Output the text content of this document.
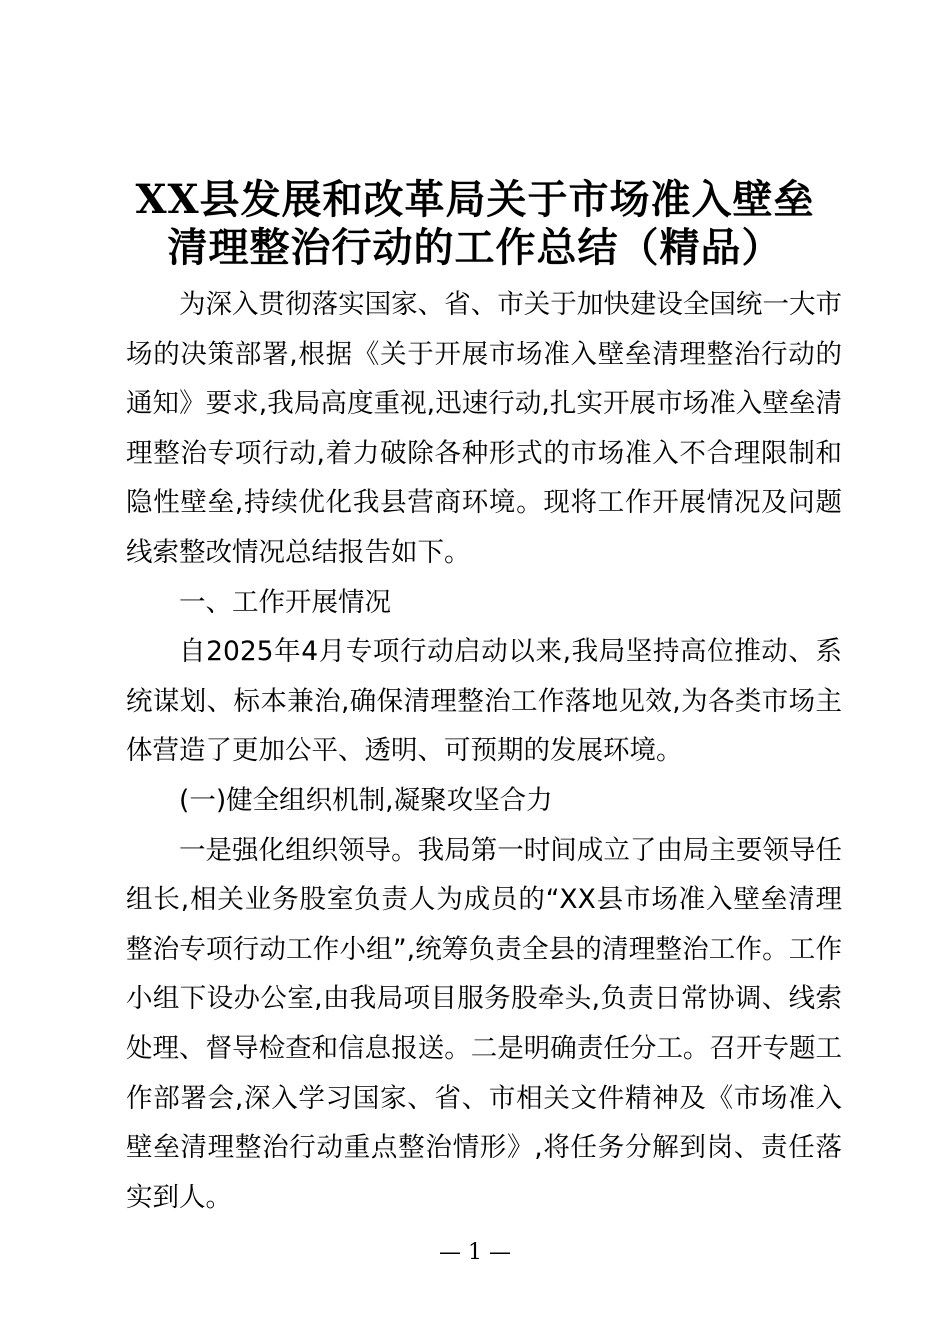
XX县发展和改革局关于市场准入壁垒
清理整治行动的工作总结（精品）

为深入贯彻落实国家、省、市关于加快建设全国统一大市场的决策部署,根据《关于开展市场准入壁垒清理整治行动的通知》要求,我局高度重视,迅速行动,扎实开展市场准入壁垒清理整治专项行动,着力破除各种形式的市场准入不合理限制和隐性壁垒,持续优化我县营商环境。现将工作开展情况及问题线索整改情况总结报告如下。

一、工作开展情况

自2025年4月专项行动启动以来,我局坚持高位推动、系统谋划、标本兼治,确保清理整治工作落地见效,为各类市场主体营造了更加公平、透明、可预期的发展环境。

(一)健全组织机制,凝聚攻坚合力

一是强化组织领导。我局第一时间成立了由局主要领导任组长,相关业务股室负责人为成员的“XX县市场准入壁垒清理整治专项行动工作小组”,统筹负责全县的清理整治工作。工作小组下设办公室,由我局项目服务股牵头,负责日常协调、线索处理、督导检查和信息报送。二是明确责任分工。召开专题工作部署会,深入学习国家、省、市相关文件精神及《市场准入壁垒清理整治行动重点整治情形》,将任务分解到岗、责任落实到人。

— 1 —
